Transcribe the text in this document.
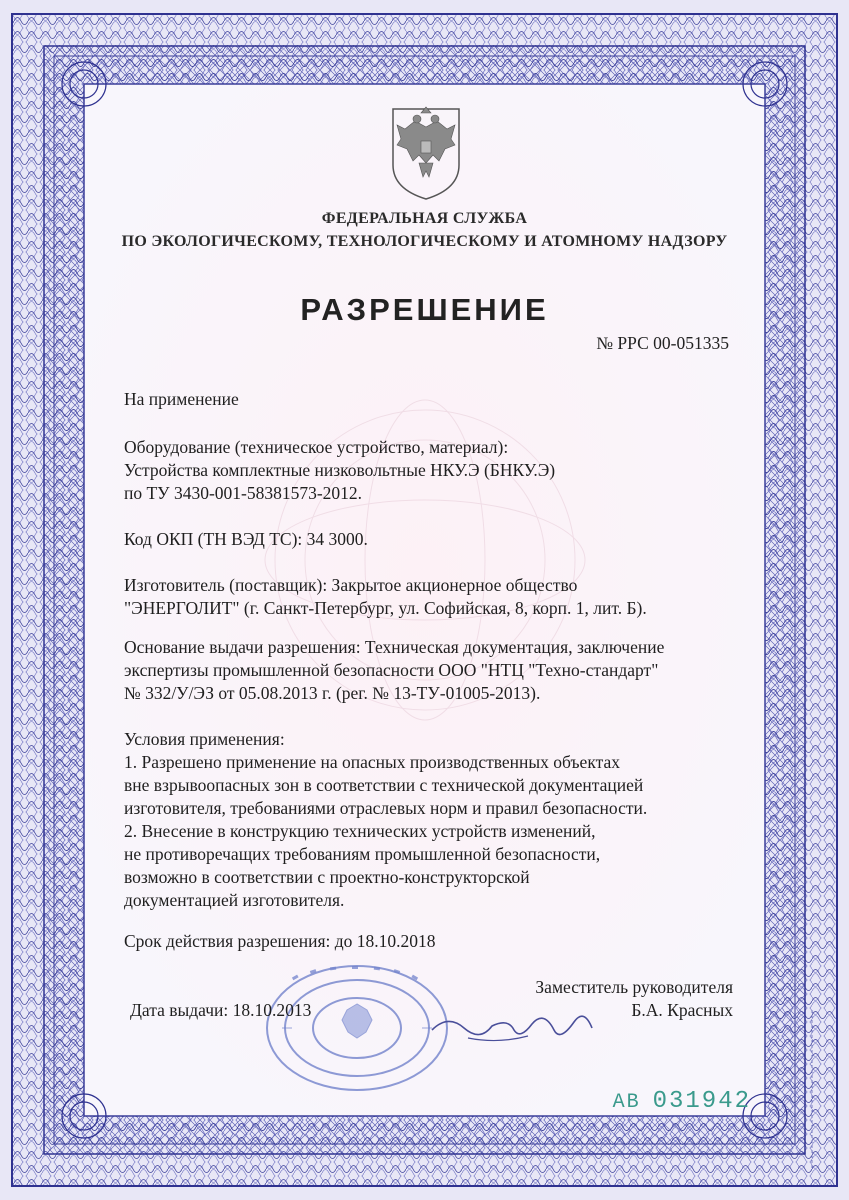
ФЕДЕРАЛЬНАЯ СЛУЖБА
ПО ЭКОЛОГИЧЕСКОМУ, ТЕХНОЛОГИЧЕСКОМУ И АТОМНОМУ НАДЗОРУ
РАЗРЕШЕНИЕ
№ РРС 00-051335
На применение
Оборудование (техническое устройство, материал):
Устройства комплектные низковольтные НКУ.Э (БНКУ.Э)
по ТУ 3430-001-58381573-2012.
Код ОКП (ТН ВЭД ТС): 34 3000.
Изготовитель (поставщик): Закрытое акционерное общество
"ЭНЕРГОЛИТ" (г. Санкт-Петербург, ул. Софийская, 8, корп. 1, лит. Б).
Основание выдачи разрешения: Техническая документация, заключение
экспертизы промышленной безопасности ООО "НТЦ "Техно-стандарт"
№ 332/У/ЭЗ от 05.08.2013 г. (рег. № 13-ТУ-01005-2013).
Условия применения:
1. Разрешено применение на опасных производственных объектах
вне взрывоопасных зон в соответствии с технической документацией
изготовителя, требованиями отраслевых норм и правил безопасности.
2. Внесение в конструкцию технических устройств изменений,
не противоречащих требованиям промышленной безопасности,
возможно в соответствии с проектно-конструкторской
документацией изготовителя.
Срок действия разрешения: до 18.10.2018
Дата выдачи: 18.10.2013
Заместитель руководителя
Б.А. Красных
АВ 031942
